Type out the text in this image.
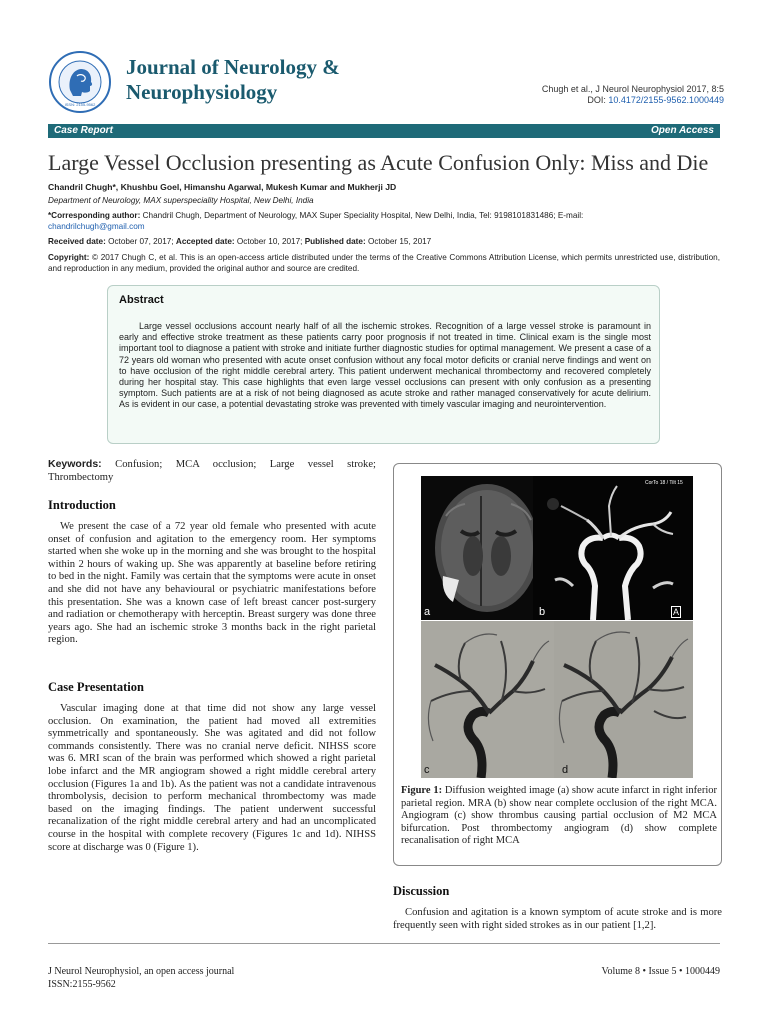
ISSN: 2155-9562
Journal of Neurology &
Neurophysiology	Chugh et al., J Neurol Neurophysiol 2017, 8:5
DOI: 10.4172/2155-9562.1000449
Case Report	Open Access
Large Vessel Occlusion presenting as Acute Confusion Only: Miss and Die
Chandril Chugh*, Khushbu Goel, Himanshu Agarwal, Mukesh Kumar and Mukherji JD
Department of Neurology, MAX superspeciality Hospital, New Delhi, India
*Corresponding author: Chandril Chugh, Department of Neurology, MAX Super Speciality Hospital, New Delhi, India, Tel: 9198101831486; E-mail:
chandrilchugh@gmail.com
Received date: October 07, 2017; Accepted date: October 10, 2017; Published date: October 15, 2017
Copyright: © 2017 Chugh C, et al. This is an open-access article distributed under the terms of the Creative Commons Attribution License, which permits unrestricted use, distribution, and reproduction in any medium, provided the original author and source are credited.
Abstract

Large vessel occlusions account nearly half of all the ischemic strokes. Recognition of a large vessel stroke is paramount in early and effective stroke treatment as these patients carry poor prognosis if not treated in time. Clinical exam is the single most important tool to diagnose a patient with stroke and initiate further diagnostic studies for optimal management. We present a case of a 72 years old woman who presented with acute onset confusion without any focal motor deficits or cranial nerve findings and went on to have occlusion of the right middle cerebral artery. This patient underwent mechanical thrombectomy and recovered completely during her hospital stay. This case highlights that even large vessel occlusions can present with only confusion as a presenting symptom. Such patients are at a risk of not being diagnosed as acute stroke and rather managed conservatively for acute delirium. As is evident in our case, a potential devastating stroke was prevented with timely vascular imaging and neurointervention.

Keywords: Confusion; MCA occlusion; Large vessel stroke; Thrombectomy
Introduction
We present the case of a 72 year old female who presented with acute onset of confusion and agitation to the emergency room. Her symptoms started when she woke up in the morning and she was brought to the hospital within 2 hours of waking up. She was apparently at baseline before retiring to bed in the night. Family was certain that the symptoms were acute in onset and she did not have any behavioural or psychiatric manifestations before this presentation. She was a known case of left breast cancer post-surgery and radiation or chemotherapy with herceptin. Breast surgery was done three years ago. She had an ischemic stroke 3 months back in the right parietal region.
Case Presentation
Vascular imaging done at that time did not show any large vessel occlusion. On examination, the patient had moved all extremities symmetrically and spontaneously. She was agitated and did not follow commands consistently. There was no cranial nerve deficit. NIHSS score was 6. MRI scan of the brain was performed which showed a right parietal lobe infarct and the MR angiogram showed a right middle cerebral artery occlusion (Figures 1a and 1b). As the patient was not a candidate intravenous thrombolysis, decision to perform mechanical thrombectomy was made based on the imaging findings. The patient underwent successful recanalization of the right middle cerebral artery and had an uncomplicated course in the hospital with complete recovery (Figures 1c and 1d). NIHSS score at discharge was 0 (Figure 1).
a
CorTo 18 / Tilt 15
b	A
c	d
Figure 1: Diffusion weighted image (a) show acute infarct in right inferior parietal region. MRA (b) show near complete occlusion of the right MCA. Angiogram (c) show thrombus causing partial occlusion of M2 MCA bifurcation. Post thrombectomy angiogram (d) show complete recanalisation of right MCA
Discussion
Confusion and agitation is a known symptom of acute stroke and is more frequently seen with right sided strokes as in our patient [1,2].
J Neurol Neurophysiol, an open access journal
ISSN:2155-9562
Volume 8 • Issue 5 • 1000449
